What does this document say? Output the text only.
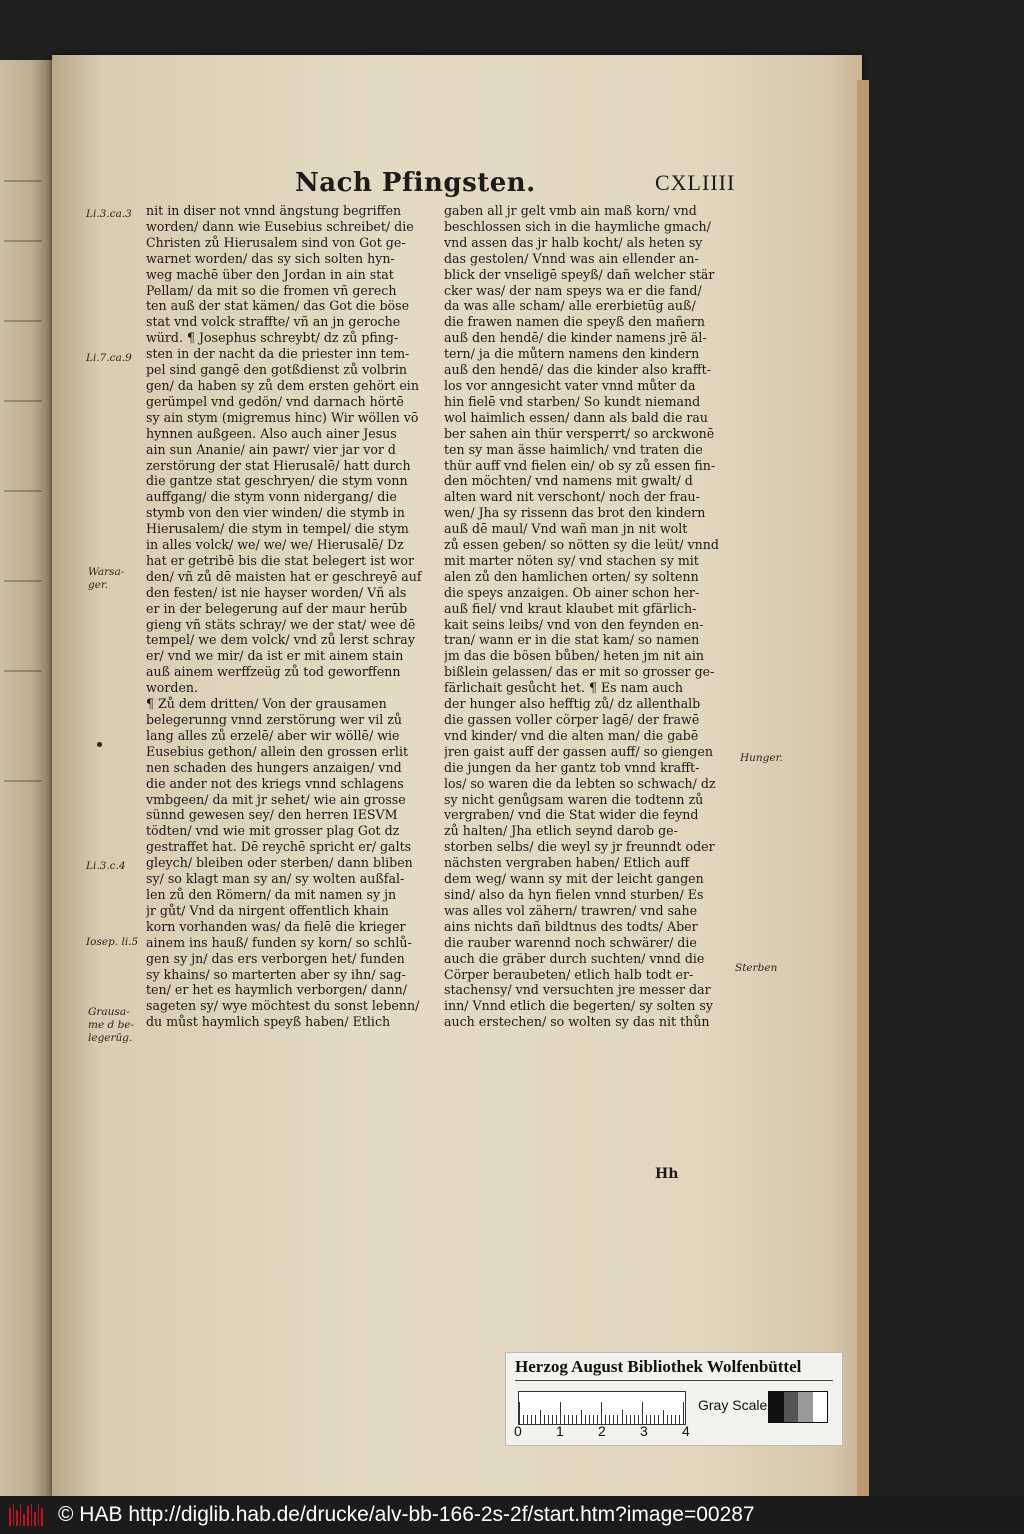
Nach Pfingsten.	CXLIIII
nit in diser not vnnd ängstung begriffen
worden/ dann wie Eusebius schreibet/ die
Christen zů Hierusalem sind von Got ge-
warnet worden/ das sy sich solten hyn-
weg machē über den Jordan in ain stat
Pellam/ da mit so die fromen vñ gerech
ten auß der stat kämen/ das Got die böse
stat vnd volck straffte/ vñ an jn geroche
würd. ¶ Josephus schreybt/ dz zů pfing-
sten in der nacht da die priester inn tem-
pel sind gangē den gotßdienst zů volbrin
gen/ da haben sy zů dem ersten gehört ein
gerümpel vnd gedön/ vnd darnach hörtē
sy ain stym (migremus hinc) Wir wöllen vō
hynnen außgeen. Also auch ainer Jesus
ain sun Ananie/ ain pawr/ vier jar vor d
zerstörung der stat Hierusalē/ hatt durch
die gantze stat geschryen/ die stym vonn
auffgang/ die stym vonn nidergang/ die
stymb von den vier winden/ die stymb in
Hierusalem/ die stym in tempel/ die stym
in alles volck/ we/ we/ we/ Hierusalē/ Dz
hat er getribē bis die stat belegert ist wor
den/ vñ zů dē maisten hat er geschreyē auf
den festen/ ist nie hayser worden/ Vñ als
er in der belegerung auf der maur herūb
gieng vñ stäts schray/ we der stat/ wee dē
tempel/ we dem volck/ vnd zů lerst schray
er/ vnd we mir/ da ist er mit ainem stain
auß ainem werffzeüg zů tod geworffenn
worden.
¶ Zů dem dritten/ Von der grausamen
belegerunng vnnd zerstörung wer vil zů
lang alles zů erzelē/ aber wir wöllē/ wie
Eusebius gethon/ allein den grossen erlit
nen schaden des hungers anzaigen/ vnd
die ander not des kriegs vnnd schlagens
vmbgeen/ da mit jr sehet/ wie ain grosse
sünnd gewesen sey/ den herren IESVM
tödten/ vnd wie mit grosser plag Got dz
gestraffet hat. Dē reychē spricht er/ galts
gleych/ bleiben oder sterben/ dann bliben
sy/ so klagt man sy an/ sy wolten außfal-
len zů den Römern/ da mit namen sy jn
jr gůt/ Vnd da nirgent offentlich khain
korn vorhanden was/ da fielē die krieger
ainem ins hauß/ funden sy korn/ so schlů-
gen sy jn/ das ers verborgen het/ funden
sy khains/ so marterten aber sy ihn/ sag-
ten/ er het es haymlich verborgen/ dann/
sageten sy/ wye möchtest du sonst lebenn/
du můst haymlich speyß haben/ Etlich
gaben all jr gelt vmb ain maß korn/ vnd
beschlossen sich in die haymliche gmach/
vnd assen das jr halb kocht/ als heten sy
das gestolen/ Vnnd was ain ellender an-
blick der vnseligē speyß/ dañ welcher stär
cker was/ der nam speys wa er die fand/
da was alle scham/ alle ererbietūg auß/
die frawen namen die speyß den mañern
auß den hendē/ die kinder namens jrē äl-
tern/ ja die můtern namens den kindern
auß den hendē/ das die kinder also krafft-
los vor anngesicht vater vnnd můter da
hin fielē vnd starben/ So kundt niemand
wol haimlich essen/ dann als bald die rau
ber sahen ain thür versperrt/ so arckwonē
ten sy man ässe haimlich/ vnd traten die
thür auff vnd fielen ein/ ob sy zů essen fin-
den möchten/ vnd namens mit gwalt/ d
alten ward nit verschont/ noch der frau-
wen/ Jha sy rissenn das brot den kindern
auß dē maul/ Vnd wañ man jn nit wolt
zů essen geben/ so nötten sy die leüt/ vnnd
mit marter nöten sy/ vnd stachen sy mit
alen zů den hamlichen orten/ sy soltenn
die speys anzaigen. Ob ainer schon her-
auß fiel/ vnd kraut klaubet mit gfärlich-
kait seins leibs/ vnd von den feynden en-
tran/ wann er in die stat kam/ so namen
jm das die bösen bůben/ heten jm nit ain
bißlein gelassen/ das er mit so grosser ge-
färlichait gesůcht het. ¶ Es nam auch
der hunger also hefftig zů/ dz allenthalb
die gassen voller cörper lagē/ der frawē
vnd kinder/ vnd die alten man/ die gabē
jren gaist auff der gassen auff/ so giengen
die jungen da her gantz tob vnnd krafft-
los/ so waren die da lebten so schwach/ dz
sy nicht genůgsam waren die todtenn zů
vergraben/ vnd die Stat wider die feynd
zů halten/ Jha etlich seynd darob ge-
storben selbs/ die weyl sy jr freunndt oder
nächsten vergraben haben/ Etlich auff
dem weg/ wann sy mit der leicht gangen
sind/ also da hyn fielen vnnd sturben/ Es
was alles vol zähern/ trawren/ vnd sahe
ains nichts dañ bildtnus des todts/ Aber
die rauber warennd noch schwärer/ die
auch die gräber durch suchten/ vnnd die
Cörper beraubeten/ etlich halb todt er-
stachensy/ vnd versuchten jre messer dar
inn/ Vnnd etlich die begerten/ sy solten sy
auch erstechen/ so wolten sy das nit thůn
Li.3.ca.3
Li.7.ca.9
Warsa-
ger.
Li.3.c.4
Iosep. li.5
Grausa-
me d be-
legerūg.
Hunger.
Sterben
Hh
Herzog August Bibliothek Wolfenbüttel
0 1 2 3 4
Gray Scale
© HAB http://diglib.hab.de/drucke/alv-bb-166-2s-2f/start.htm?image=00287
